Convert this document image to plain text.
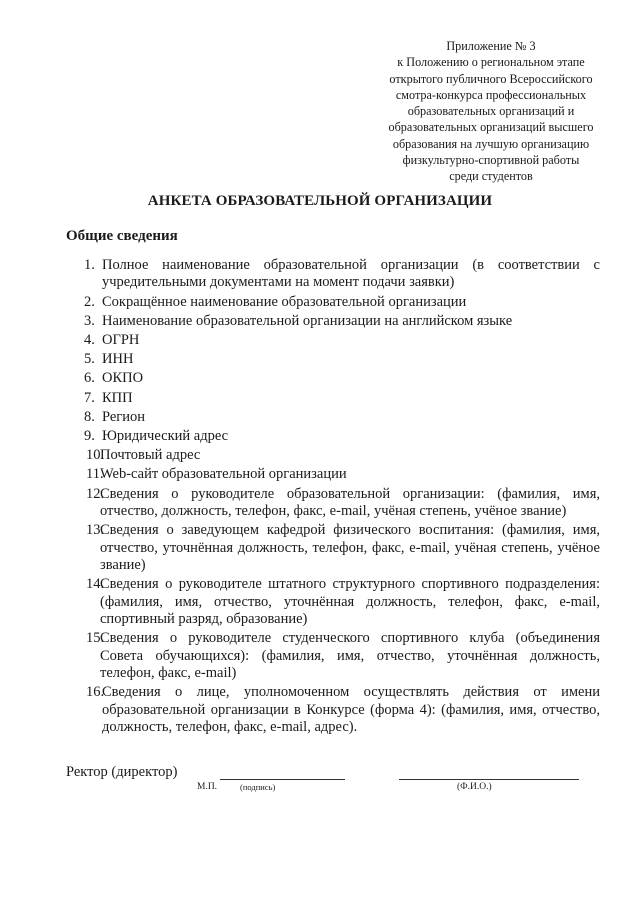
Приложение № 3
к Положению о региональном этапе
открытого публичного Всероссийского
смотра-конкурса профессиональных
образовательных организаций и
образовательных организаций высшего
образования на лучшую организацию
физкультурно-спортивной работы
среди студентов
АНКЕТА ОБРАЗОВАТЕЛЬНОЙ ОРГАНИЗАЦИИ
Общие сведения
1. Полное наименование образовательной организации (в соответствии с учредительными документами на момент подачи заявки)
2. Сокращённое наименование образовательной организации
3. Наименование образовательной организации на английском языке
4. ОГРН
5. ИНН
6. ОКПО
7. КПП
8. Регион
9. Юридический адрес
10.
Почтовый адрес
11.
Web-сайт образовательной организации
12.
Сведения о руководителе образовательной организации: (фамилия, имя, отчество, должность, телефон, факс, e-mail, учёная степень, учёное звание)
13.
Сведения о заведующем кафедрой физического воспитания: (фамилия, имя, отчество, уточнённая должность, телефон, факс, e-mail, учёная степень, учёное звание)
14.
Сведения о руководителе штатного структурного спортивного подразделения: (фамилия, имя, отчество, уточнённая должность, телефон, факс, e-mail, спортивный разряд, образование)
15.
Сведения о руководителе студенческого спортивного клуба (объединения Совета обучающихся): (фамилия, имя, отчество, уточнённая должность, телефон, факс, e-mail)
16.
Сведения о лице, уполномоченном осуществлять действия от имени образовательной организации в Конкурсе (форма 4): (фамилия, имя, отчество, должность, телефон, факс, e-mail, адрес).
Ректор (директор)
М.П.	(подпись)	(Ф.И.О.)
